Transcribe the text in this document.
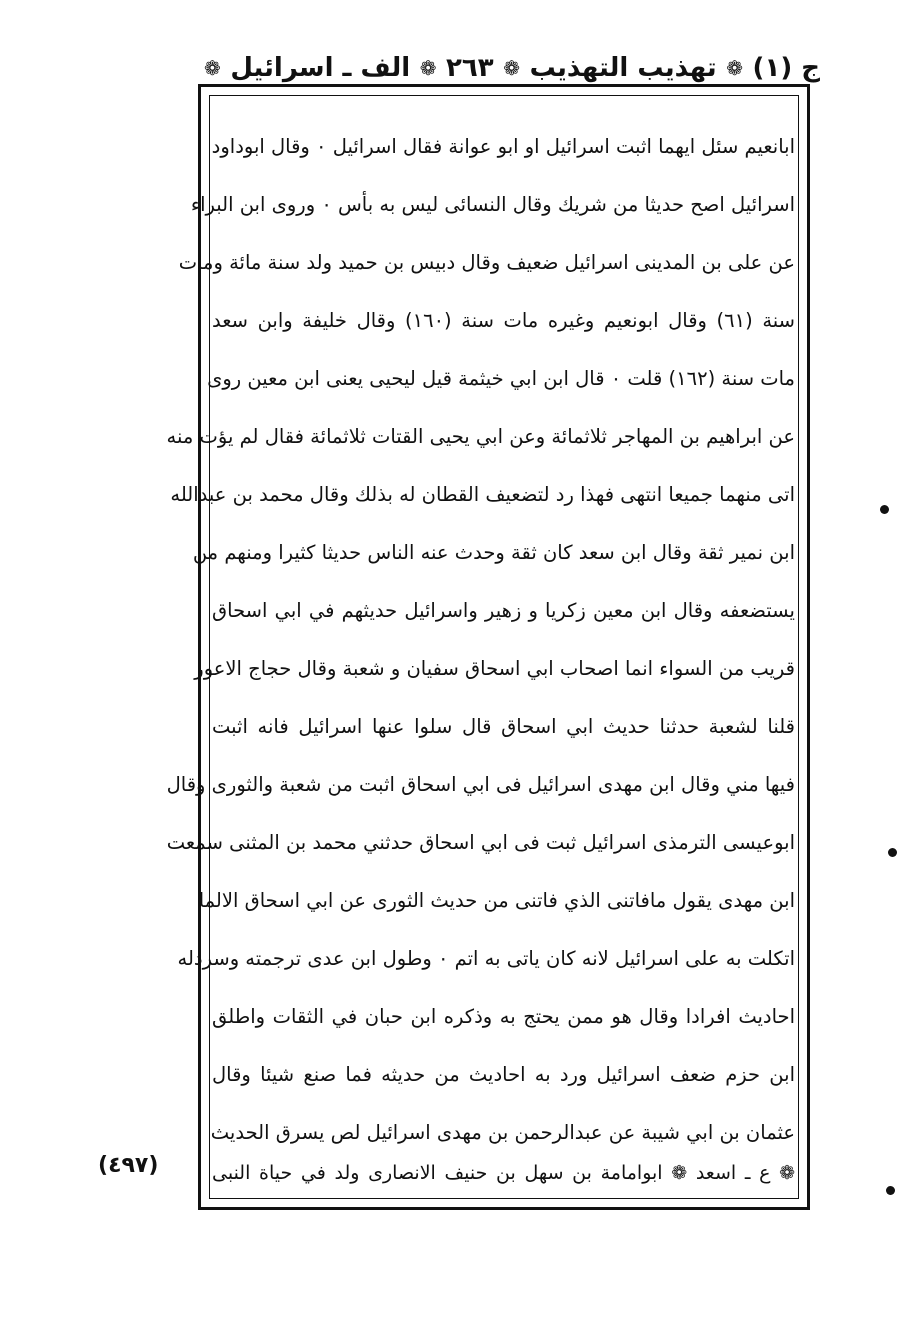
ج (١)
❁
تهذيب التهذيب
❁
٢٦٣
❁
الف ـ اسرائيل
❁
ابانعيم سئل ايهما اثبت اسرائيل او ابو عوانة فقال اسرائيل ۰ وقال ابوداود
اسرائيل اصح حديثا من شريك وقال النسائى ليس به بأس ۰ وروى ابن البراء
عن على بن المدينى اسرائيل ضعيف وقال دبيس بن حميد ولد سنة مائة ومات
سنة (٦١) وقال ابونعيم وغيره مات سنة (١٦٠) وقال خليفة وابن سعد
مات سنة (١٦٢) قلت ۰ قال ابن ابي خيثمة قيل ليحيى يعنى ابن معين روى
عن ابراهيم بن المهاجر ثلاثمائة وعن ابي يحيى القتات ثلاثمائة فقال لم يؤت منه
اتى منهما جميعا انتهى فهذا رد لتضعيف القطان له بذلك وقال محمد بن عبدالله
ابن نمير ثقة وقال ابن سعد كان ثقة وحدث عنه الناس حديثا كثيرا ومنهم من
يستضعفه وقال ابن معين زكريا و زهير واسرائيل حديثهم في ابي اسحاق
قريب من السواء انما اصحاب ابي اسحاق سفيان و شعبة وقال حجاج الاعور
قلنا لشعبة حدثنا حديث ابي اسحاق قال سلوا عنها اسرائيل فانه اثبت
فيها مني وقال ابن مهدى اسرائيل فى ابي اسحاق اثبت من شعبة والثورى وقال
ابوعيسى الترمذى اسرائيل ثبت فى ابي اسحاق حدثني محمد بن المثنى سمعت
ابن مهدى يقول مافاتنى الذي فاتنى من حديث الثورى عن ابي اسحاق الالما
اتكلت به على اسرائيل لانه كان ياتى به اتم ۰ وطول ابن عدى ترجمته وسردله
احاديث افرادا وقال هو ممن يحتج به وذكره ابن حبان في الثقات واطلق
ابن حزم ضعف اسرائيل ورد به احاديث من حديثه فما صنع شيئا وقال
عثمان بن ابي شيبة عن عبدالرحمن بن مهدى اسرائيل لص يسرق الحديث ۰
❁ ع ـ اسعد ❁ ابوامامة بن سهل بن حنيف الانصارى ولد في حياة النبى
(٤٩٧)
